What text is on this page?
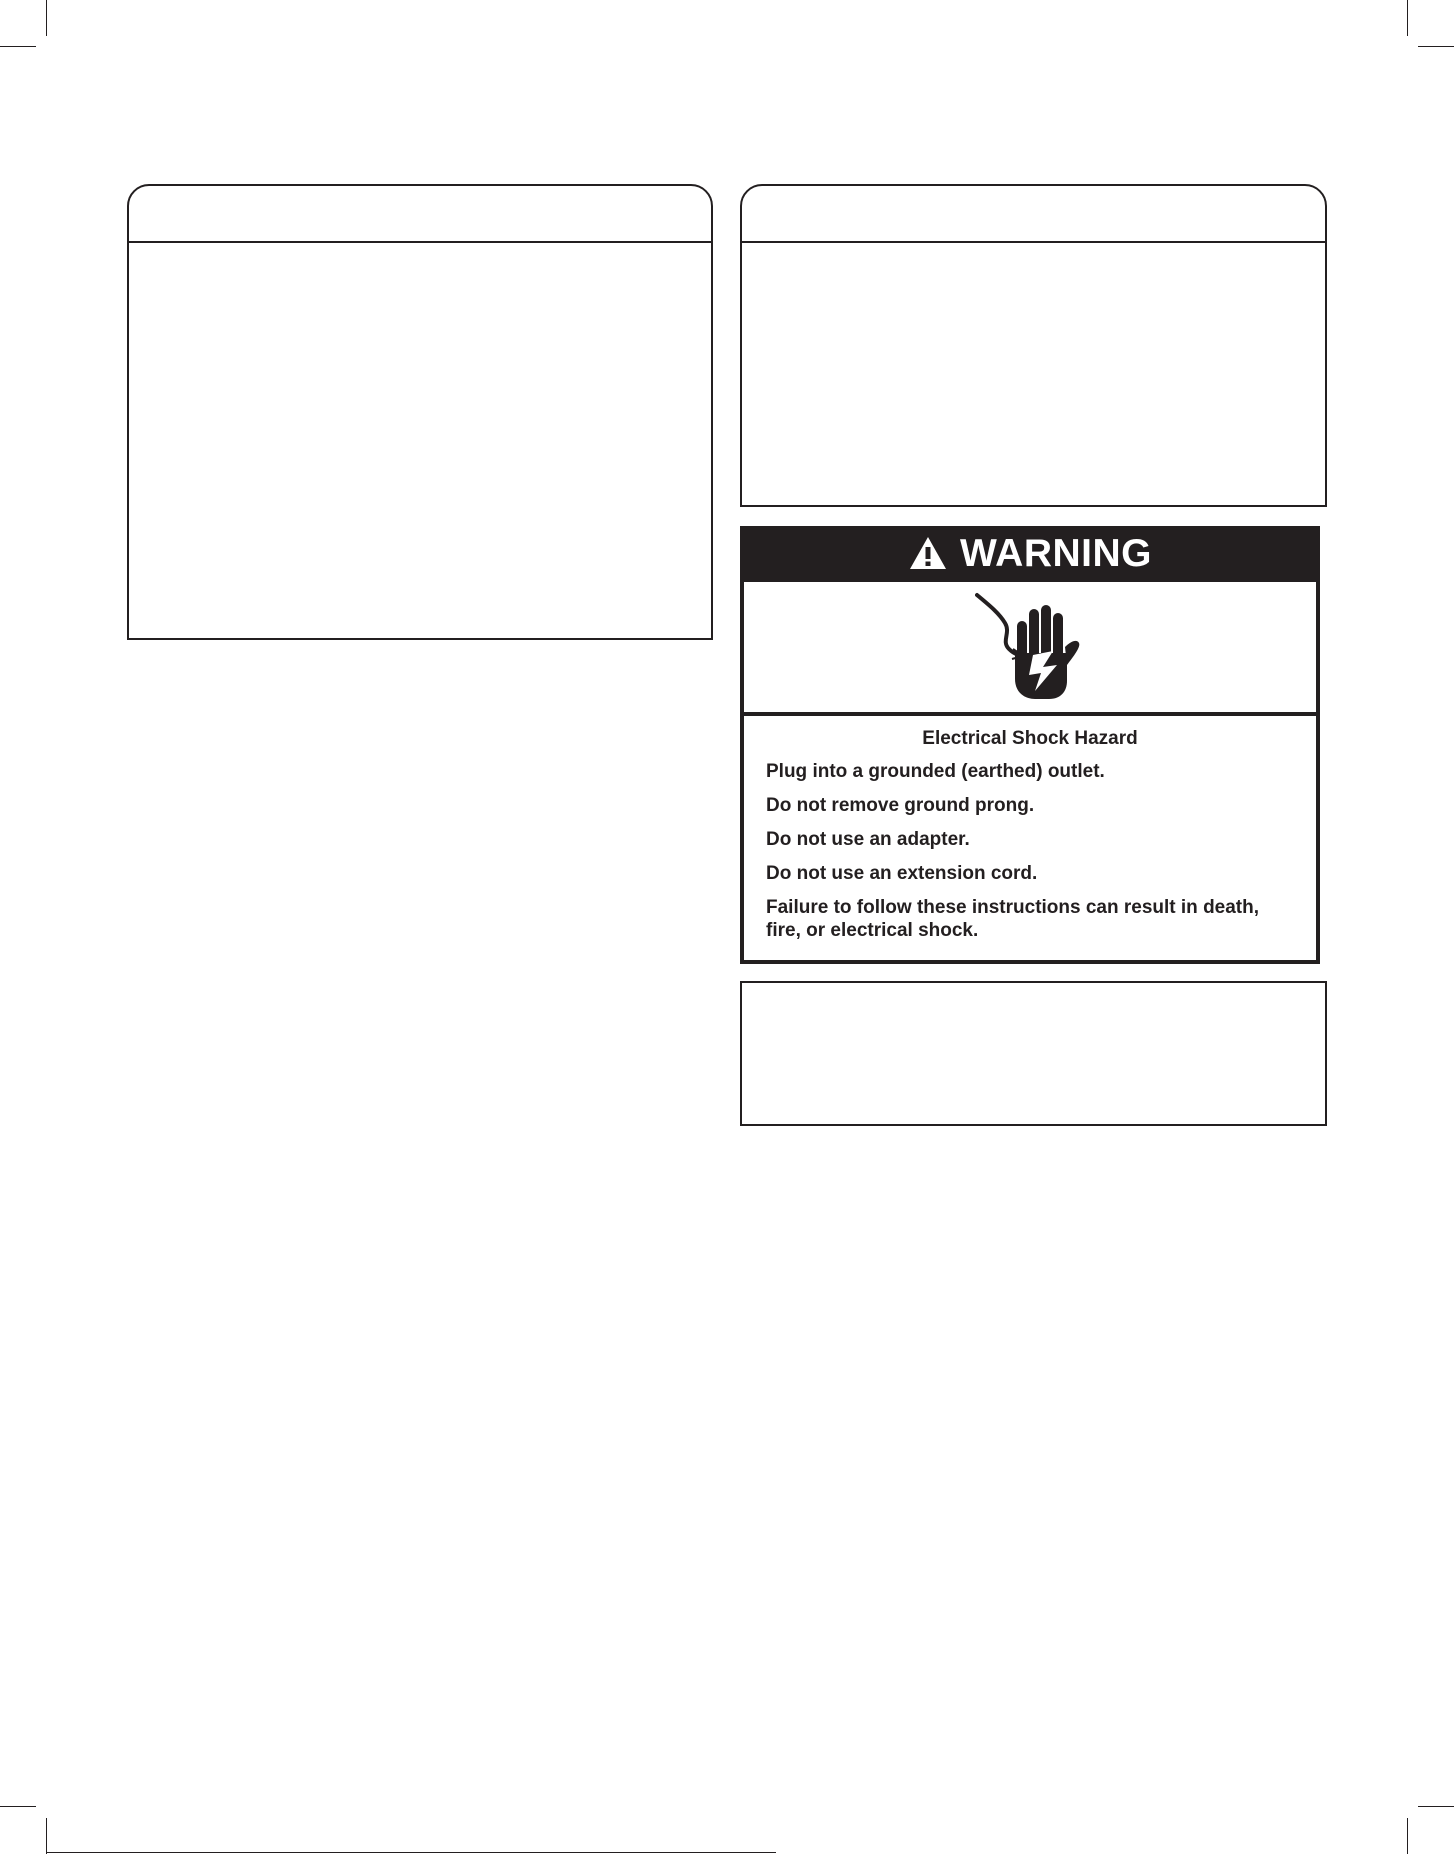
WARNING

Electrical Shock Hazard

Plug into a grounded (earthed) outlet.

Do not remove ground prong.

Do not use an adapter.

Do not use an extension cord.

Failure to follow these instructions can result in death, fire, or electrical shock.
